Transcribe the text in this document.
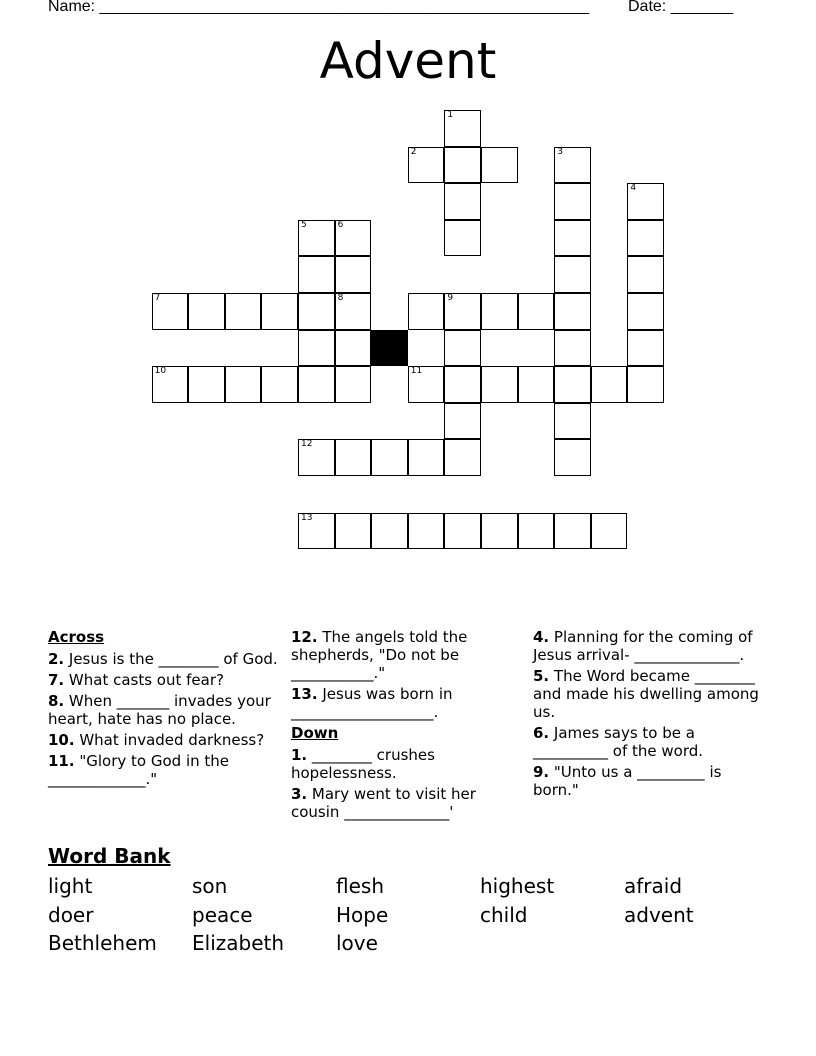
Name: _______________________________________________________ Date: _______
Advent
1
2	3
4
5	6
8
7	9
10	11
12
13
Across

2. Jesus is the ________ of God.

7. What casts out fear?

8. When _______ invades your heart, hate has no place.

10. What invaded darkness?

11. "Glory to God in the _____________."

12. The angels told the shepherds, "Do not be ___________."

13. Jesus was born in ___________________.

Down

1. ________ crushes hopelessness.

3. Mary went to visit her cousin ______________'

4. Planning for the coming of Jesus arrival- ______________.

5. The Word became ________ and made his dwelling among us.

6. James says to be a __________ of the word.

9. "Unto us a _________ is born."

Word Bank
light	son	flesh	highest	afraid
doer	peace	Hope	child	advent
Bethlehem Elizabeth	love
